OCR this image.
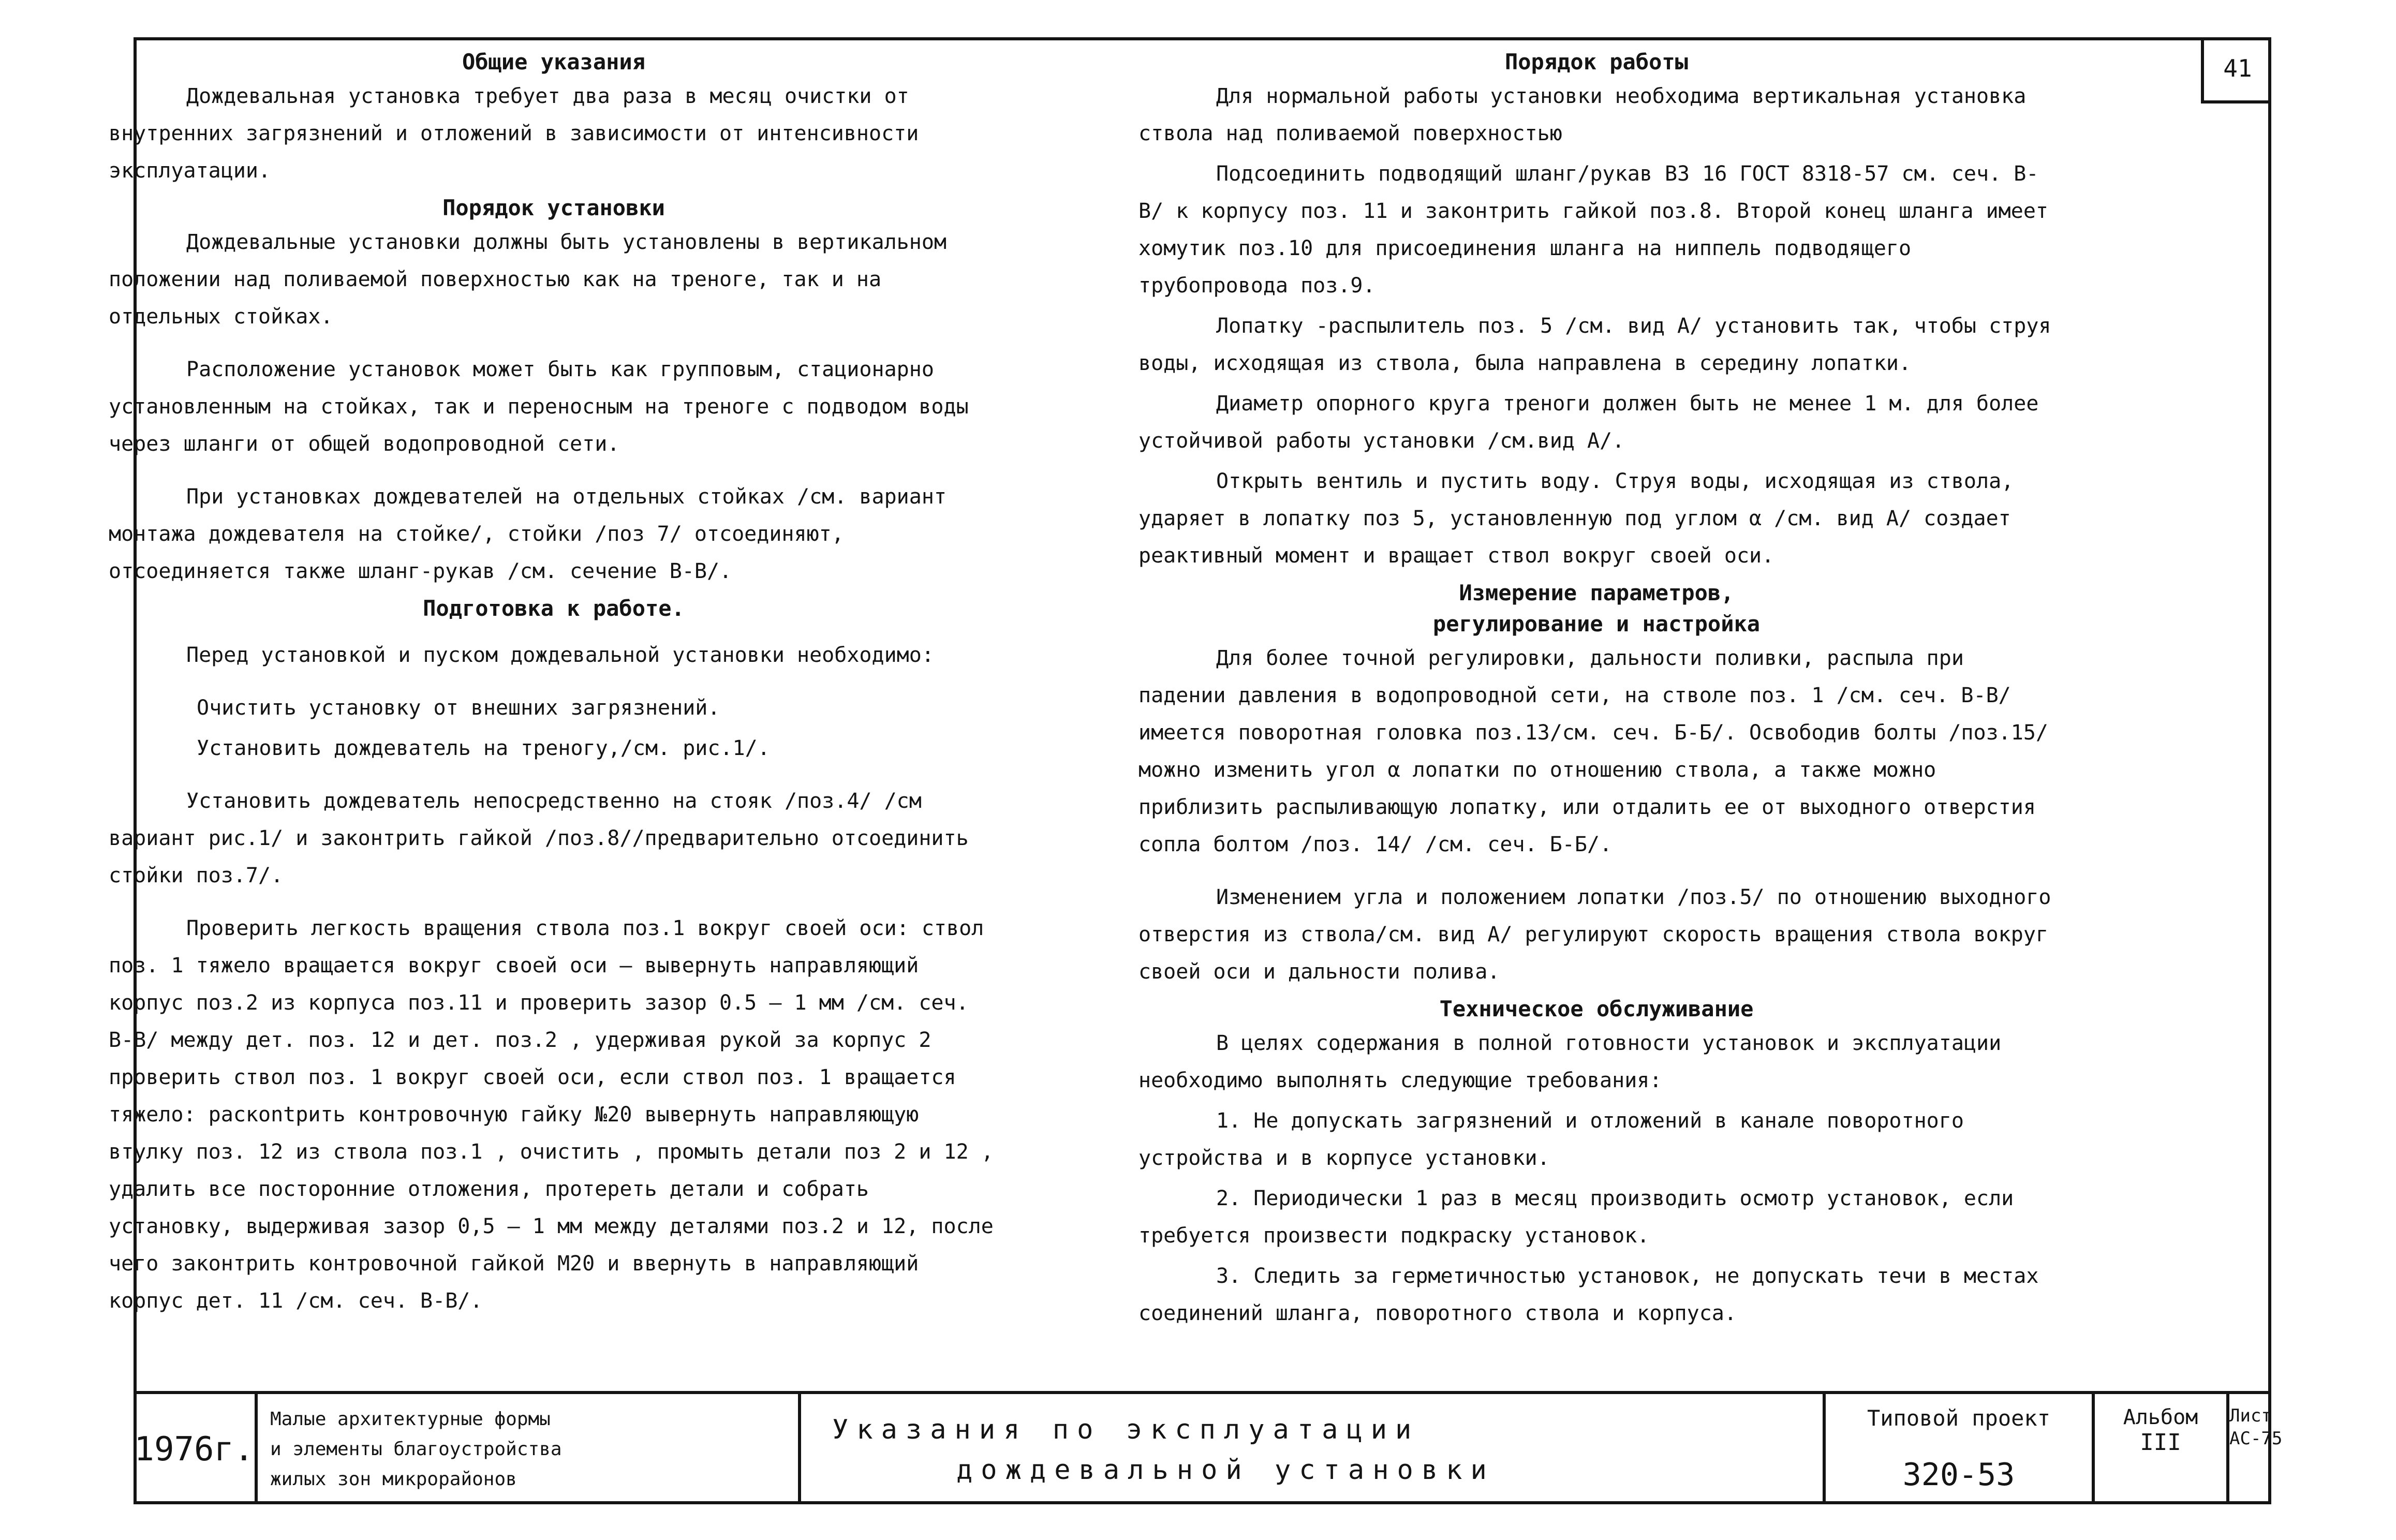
41
Общие указания

Дождевальная установка требует два раза в месяц очистки от внутренних загрязнений и отложений в зависимости от интенсивности эксплуатации.

Порядок установки

Дождевальные установки должны быть установлены в вертикальном положении над поливаемой поверхностью как на треноге, так и на отдельных стойках.

Расположение установок может быть как групповым, стационарно установленным на стойках, так и переносным на треноге с подводом воды через шланги от общей водопроводной сети.

При установках дождевателей на отдельных стойках /см. вариант монтажа дождевателя на стойке/, стойки /поз 7/ отсоединяют, отсоединяется также шланг-рукав /см. сечение В-В/.

Подготовка к работе.

Перед установкой и пуском дождевальной установки необходимо:

Очистить установку от внешних загрязнений.

Установить дождеватель на треногу,/см. рис.1/.

Установить дождеватель непосредственно на стояк /поз.4/ /см вариант рис.1/ и законтрить гайкой /поз.8//предварительно отсоединить стойки поз.7/.

Проверить легкость вращения ствола поз.1 вокруг своей оси: ствол поз. 1 тяжело вращается вокруг своей оси – вывернуть направляющий корпус поз.2 из корпуса поз.11 и проверить зазор 0.5 – 1 мм /см. сеч. В-В/ между дет. поз. 12 и дет. поз.2 , удерживая рукой за корпус 2 проверить ствол поз. 1 вокруг своей оси, если ствол поз. 1 вращается тяжело: раскontрить контровочную гайку №20 вывернуть направляющую втулку поз. 12 из ствола поз.1 , очистить , промыть детали поз 2 и 12 , удалить все посторонние отложения, протереть детали и собрать установку, выдерживая зазор 0,5 – 1 мм между деталями поз.2 и 12, после чего законтрить контровочной гайкой М20 и ввернуть в направляющий корпус дет. 11 /см. сеч. В-В/.

Порядок работы

Для нормальной работы установки необходима вертикальная установка ствола над поливаемой поверхностью

Подсоединить подводящий шланг/рукав В3 16 ГОСТ 8318-57 см. сеч. В-В/ к корпусу поз. 11 и законтрить гайкой поз.8. Второй конец шланга имеет хомутик поз.10 для присоединения шланга на ниппель подводящего трубопровода поз.9.

Лопатку -распылитель поз. 5 /см. вид А/ установить так, чтобы струя воды, исходящая из ствола, была направлена в середину лопатки.

Диаметр опорного круга треноги должен быть не менее 1 м. для более устойчивой работы установки /см.вид А/.

Открыть вентиль и пустить воду. Струя воды, исходящая из ствола, ударяет в лопатку поз 5, установленную под углом α /см. вид А/ создает реактивный момент и вращает ствол вокруг своей оси.

Измерение параметров,
регулирование и настройка

Для более точной регулировки, дальности поливки, распыла при падении давления в водопроводной сети, на стволе поз. 1 /см. сеч. В-В/ имеется поворотная головка поз.13/см. сеч. Б-Б/. Освободив болты /поз.15/ можно изменить угол α лопатки по отношению ствола, а также можно приблизить распыливающую лопатку, или отдалить ее от выходного отверстия сопла болтом /поз. 14/ /см. сеч. Б-Б/.

Изменением угла и положением лопатки /поз.5/ по отношению выходного отверстия из ствола/см. вид А/ регулируют скорость вращения ствола вокруг своей оси и дальности полива.

Техническое обслуживание

В целях содержания в полной готовности установок и эксплуатации необходимо выполнять следующие требования:

1. Не допускать загрязнений и отложений в канале поворотного устройства и в корпусе установки.

2. Периодически 1 раз в месяц производить осмотр установок, если требуется произвести подкраску установок.

3. Следить за герметичностью установок, не допускать течи в местах соединений шланга, поворотного ствола и корпуса.

1976г.
Малые архитектурные формы
и элементы благоустройства
жилых зон микрорайонов
Указания по эксплуатации
дождевальной установки
Типовой проект
320-53
Альбом
III
Лист
АС-75
